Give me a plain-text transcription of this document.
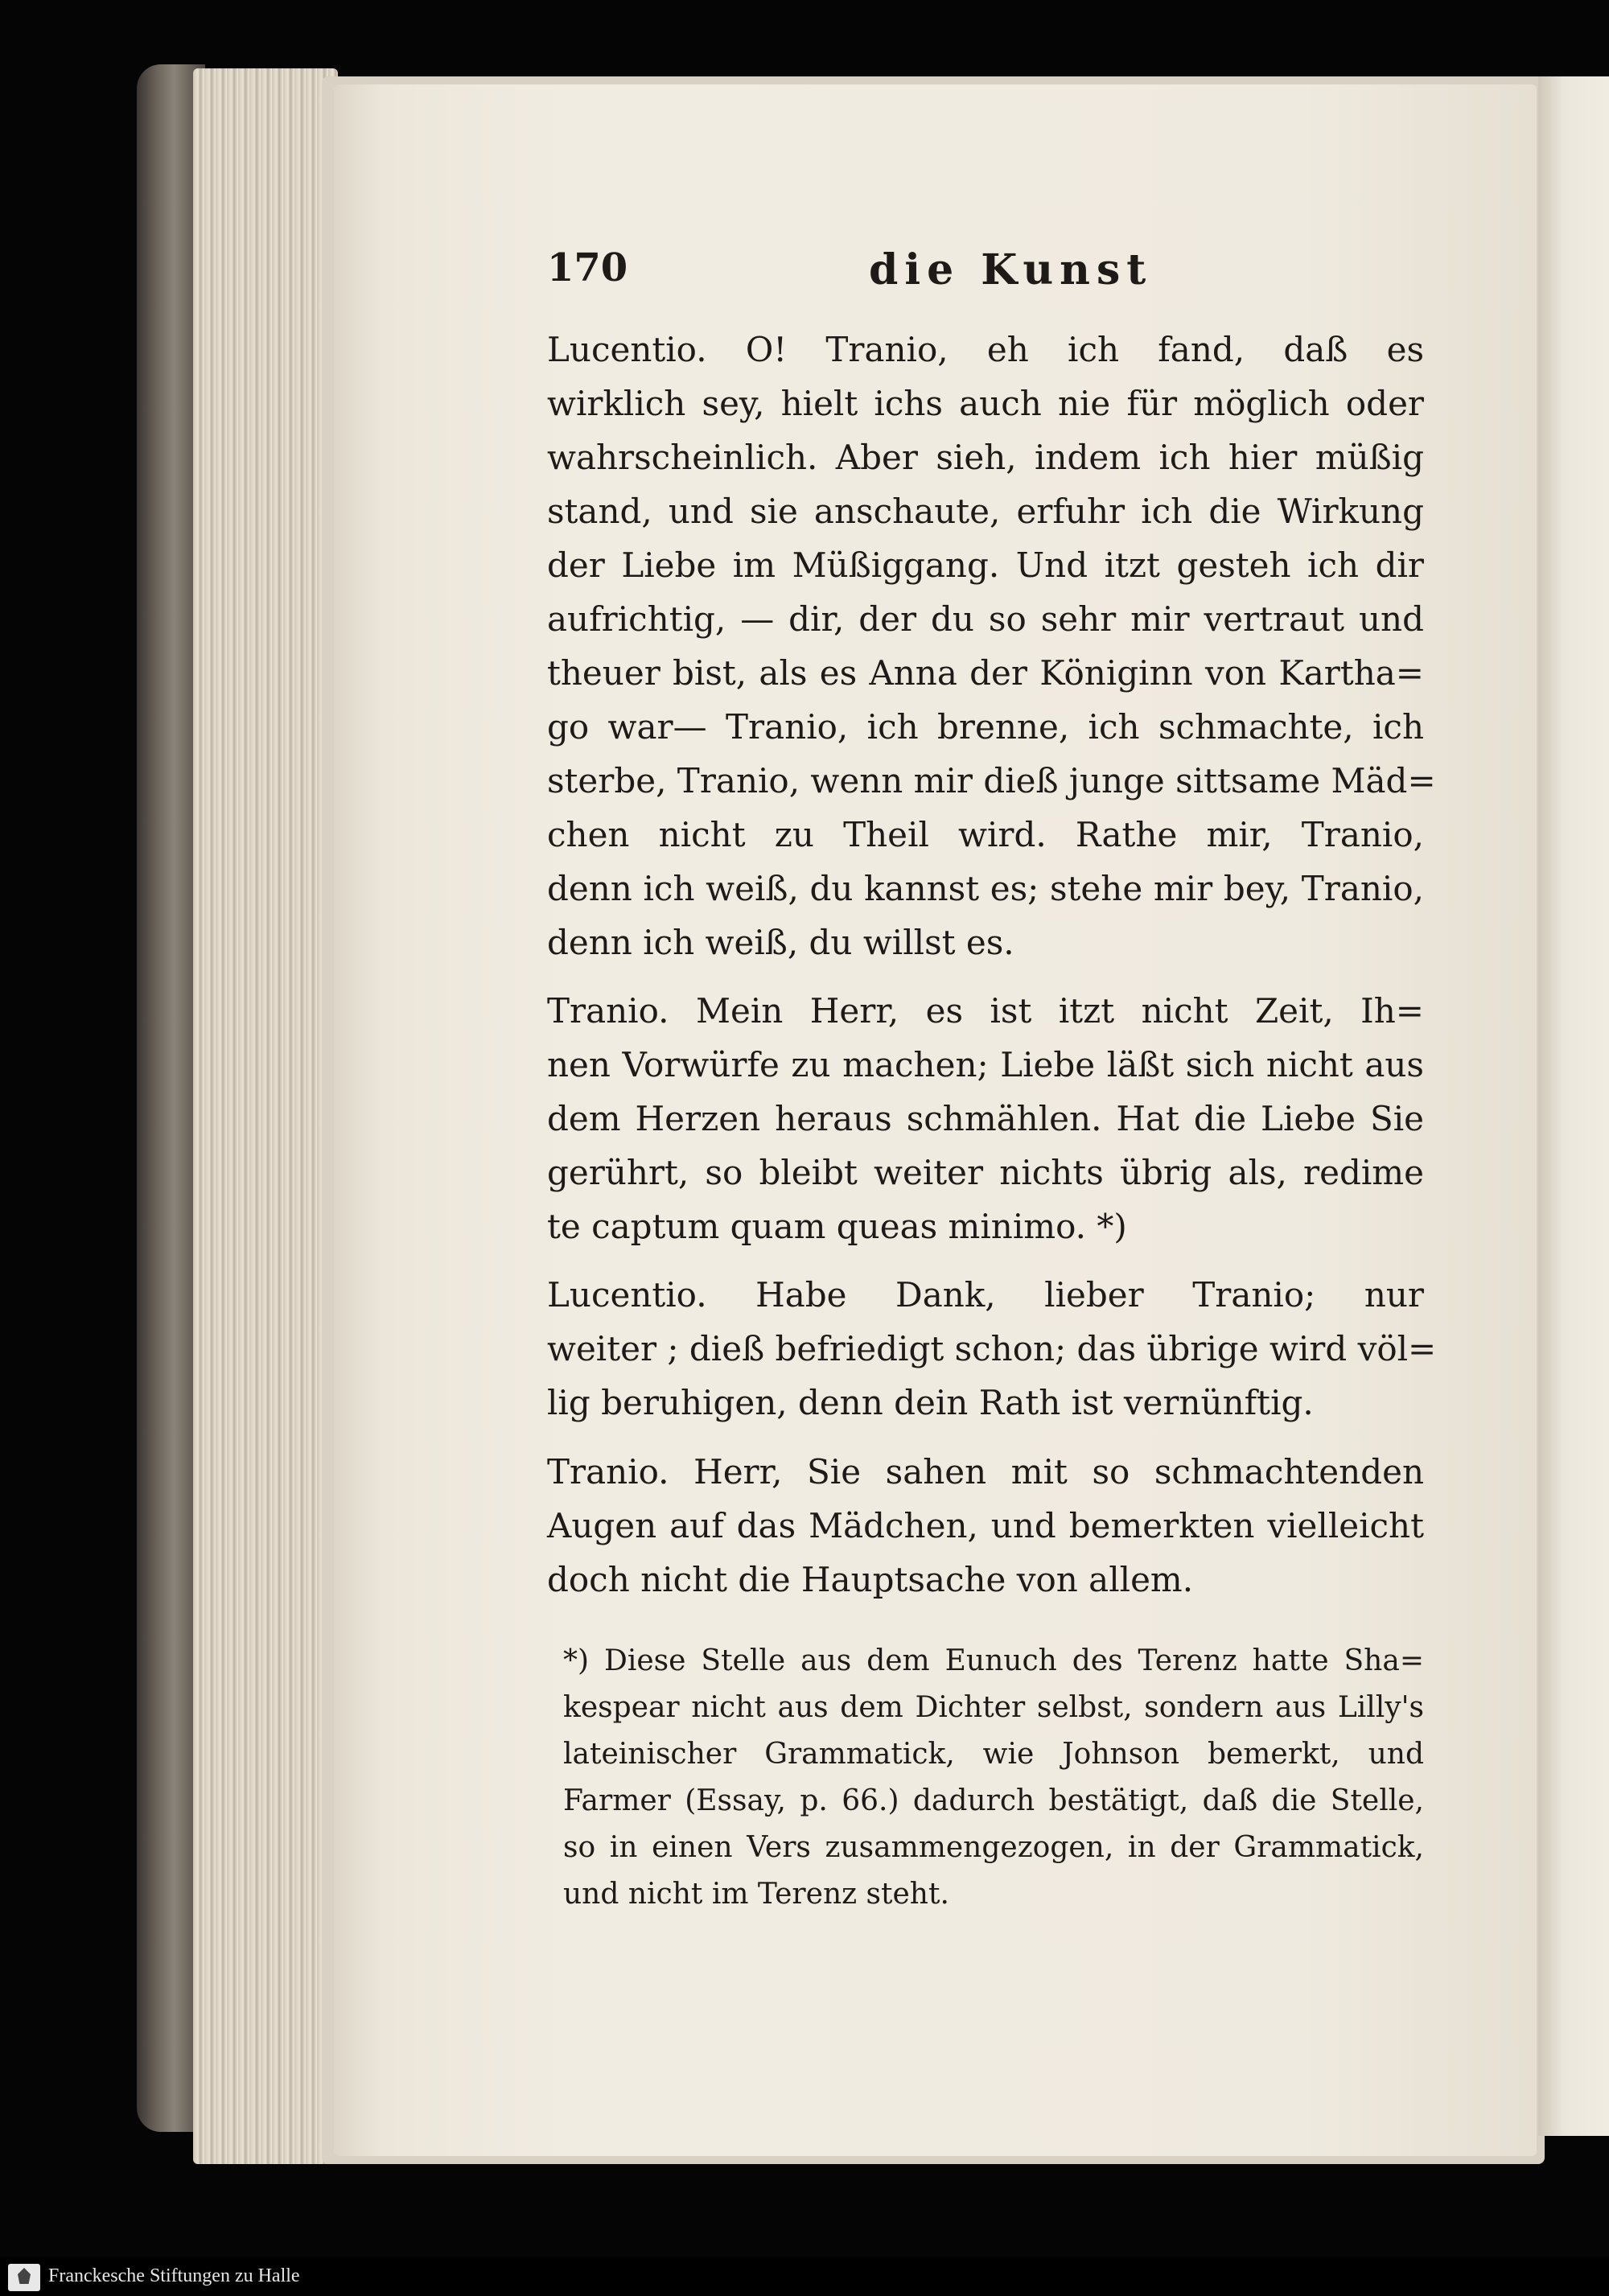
170	die Kunst
Lucentio. O! Tranio, eh ich fand, daß es
wirklich sey, hielt ichs auch nie für möglich oder
wahrscheinlich. Aber sieh, indem ich hier müßig
stand, und sie anschaute, erfuhr ich die Wirkung
der Liebe im Müßiggang. Und itzt gesteh ich dir
aufrichtig, — dir, der du so sehr mir vertraut und
theuer bist, als es Anna der Königinn von Kartha=
go war— Tranio, ich brenne, ich schmachte, ich
sterbe, Tranio, wenn mir dieß junge sittsame Mäd=
chen nicht zu Theil wird. Rathe mir, Tranio,
denn ich weiß, du kannst es; stehe mir bey, Tranio,
denn ich weiß, du willst es.
Tranio. Mein Herr, es ist itzt nicht Zeit, Ih=
nen Vorwürfe zu machen; Liebe läßt sich nicht aus
dem Herzen heraus schmählen. Hat die Liebe Sie
gerührt, so bleibt weiter nichts übrig als, redime
te captum quam queas minimo. *)
Lucentio. Habe Dank, lieber Tranio; nur
weiter ; dieß befriedigt schon; das übrige wird völ=
lig beruhigen, denn dein Rath ist vernünftig.
Tranio. Herr, Sie sahen mit so schmachtenden
Augen auf das Mädchen, und bemerkten vielleicht
doch nicht die Hauptsache von allem.
*) Diese Stelle aus dem Eunuch des Terenz hatte Sha=
kespear nicht aus dem Dichter selbst, sondern aus Lilly's
lateinischer Grammatick, wie Johnson bemerkt, und
Farmer (Essay, p. 66.) dadurch bestätigt, daß die Stelle,
so in einen Vers zusammengezogen, in der Grammatick,
und nicht im Terenz steht.
Franckesche Stiftungen zu Halle
